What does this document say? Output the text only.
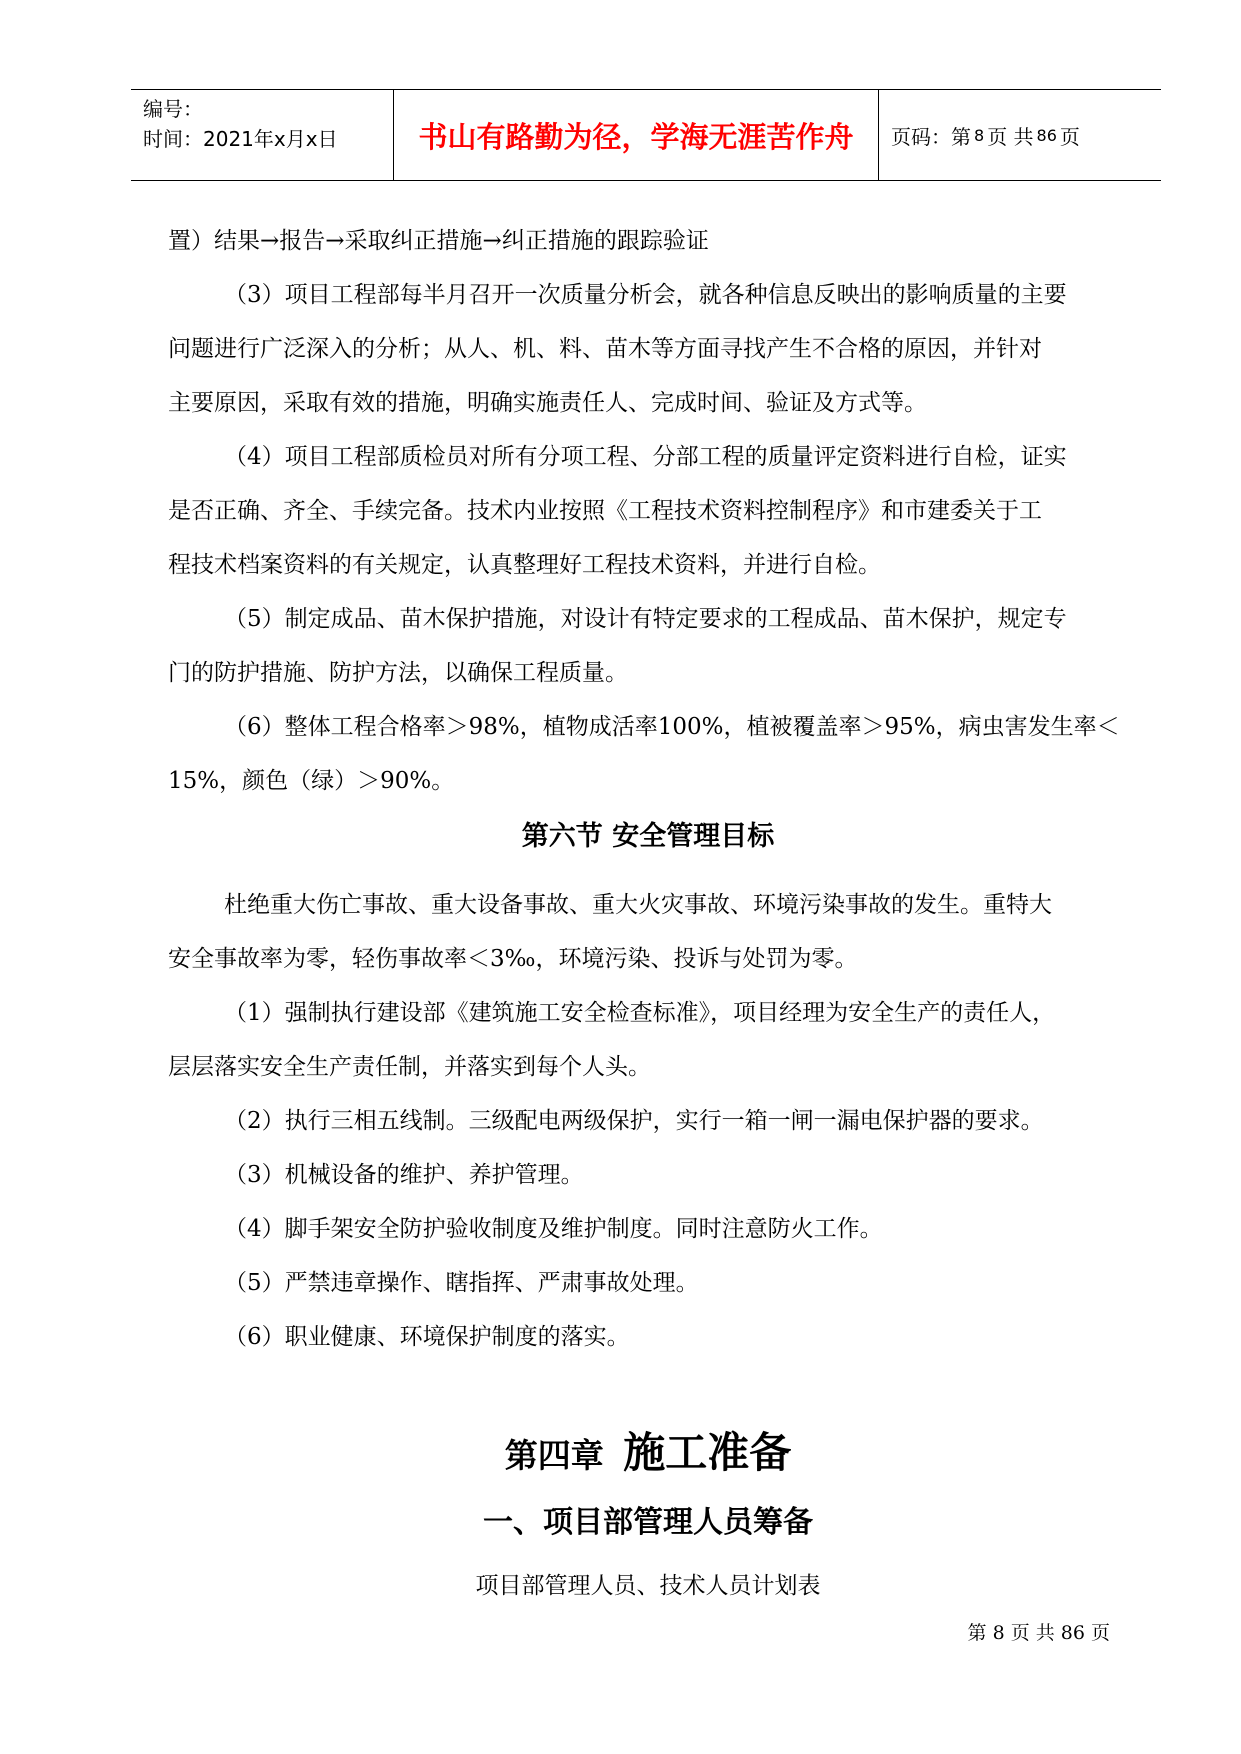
编号：
时间：2021年x月x日	书山有路勤为径，学海无涯苦作舟	页码：第 8 页 共 86 页
置）结果→报告→采取纠正措施→纠正措施的跟踪验证
（3）项目工程部每半月召开一次质量分析会，就各种信息反映出的影响质量的主要
问题进行广泛深入的分析；从人、机、料、苗木等方面寻找产生不合格的原因，并针对
主要原因，采取有效的措施，明确实施责任人、完成时间、验证及方式等。
（4）项目工程部质检员对所有分项工程、分部工程的质量评定资料进行自检，证实
是否正确、齐全、手续完备。技术内业按照《工程技术资料控制程序》和市建委关于工
程技术档案资料的有关规定，认真整理好工程技术资料，并进行自检。
（5）制定成品、苗木保护措施，对设计有特定要求的工程成品、苗木保护，规定专
门的防护措施、防护方法，以确保工程质量。
（6）整体工程合格率＞98%，植物成活率100%，植被覆盖率＞95%，病虫害发生率＜
15%，颜色（绿）＞90%。
第六节 安全管理目标
杜绝重大伤亡事故、重大设备事故、重大火灾事故、环境污染事故的发生。重特大
安全事故率为零，轻伤事故率＜3‰，环境污染、投诉与处罚为零。
（1）强制执行建设部《建筑施工安全检查标准》，项目经理为安全生产的责任人，
层层落实安全生产责任制，并落实到每个人头。
（2）执行三相五线制。三级配电两级保护，实行一箱一闸一漏电保护器的要求。
（3）机械设备的维护、养护管理。
（4）脚手架安全防护验收制度及维护制度。同时注意防火工作。
（5）严禁违章操作、瞎指挥、严肃事故处理。
（6）职业健康、环境保护制度的落实。
第四章 施工准备
一、项目部管理人员筹备
项目部管理人员、技术人员计划表
第 8 页 共 86 页
